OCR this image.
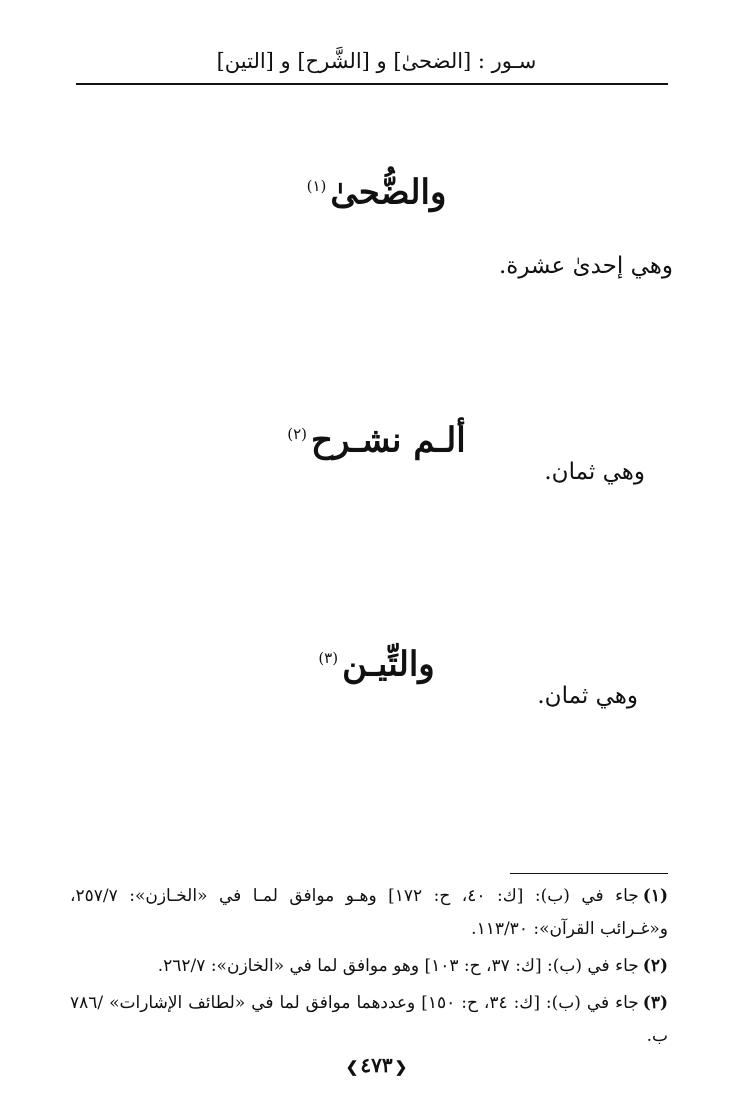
سـور : [الضحىٰ] و [الشَّرح] و [التين]
والضُّحىٰ$^{(١)}$
وهي إحدىٰ عشرة.
ألـم نشـرح$^{(٢)}$
وهي ثمان.
والتِّيـن$^{(٣)}$
وهي ثمان.

(١)جاء في (ب): [ك: ٤٠، ح: ١٧٢] وهـو موافق لمـا في «الخـازن»: ٢٥٧/٧، و«غـرائب القرآن»: ١١٣/٣٠.

(٢)جاء في (ب): [ك: ٣٧، ح: ١٠٣] وهو موافق لما في «الخازن»: ٢٦٢/٧.

(٣)جاء في (ب): [ك: ٣٤، ح: ١٥٠] وعددهما موافق لما في «لطائف الإشارات» /٧٨٦ ب.

❮ ٤٧٣ ❯
